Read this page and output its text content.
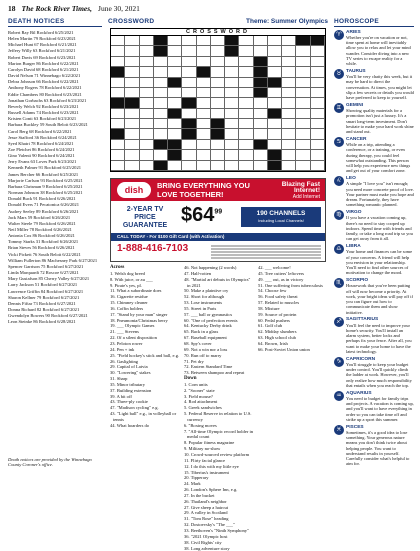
18 The Rock River Times, June 30, 2021
DEATH NOTICES
Robert Ray Bil Rockford 6/25/2021
Helen Martin 79 Rockford 6/23/2021
Michael Hunt 67 Rockford 6/21/2021
Jeffery Willy 63 Rockford 6/21/2021
Robert Davis 69 Rockford 6/23/2021
Marion Burger 86 Rockford 6/22/2021
Carolyn David 68 Rockford 6/21/2021
David Nelson 71 Winnebago 6/22/2021
Debra Johnson 66 Rockford 6/22/2021
Anthony Rogers 78 Rockford 6/22/2021
Eddie Chambers 80 Rockford 6/23/2021
Jonathan Gorbachs 63 Rockford 6/23/2021
Beverly Welch 92 Rockford 6/23/2021
Russell Adams 74 Rockford 6/23/2021
Kristen Conti 63 Rockford 6/23/2021
Barbara Buckley 59 South Beloit 6/23/2021
Carol Berg 68 Rockford 6/22/2021
Jesse Stafford 36 Rockford 6/24/2021
Syed Khatri 78 Rockford 6/24/2021
Zoe Pletchet 86 Rockford 6/24/2021
Gino Valenti 90 Rockford 6/24/2021
Jerry Evans 63 Loves Park 6/23/2021
Kenneth Palmer 91 Rockford 6/25/2021
James Bercher 66 Rockford 6/25/2021
Marjorie Carlson 93 Rockford 6/25/2021
Barbara Chrisman 9 Rockford 6/25/2021
Norman Johnson 38 Rockford 6/25/2021
Donald Buck 91 Rockford 6/26/2021
Donald Evers 71 Pecatonica 6/26/2021
Audrey Seeley 89 Rockford 6/26/2021
Jack Mars 59 Rockford 6/26/2021
Walter Steele 79 Rockford 6/26/2021
Neil Miller 78 Rockford 6/26/2021
Antonia Cox 86 Rockford 6/26/2021
Tommy Starks 31 Rockford 6/26/2021
Brian Steves 56 Rockford 6/26/2021
Vicki Pickett 76 South Beloit 6/22/2021
William Fullerton 86 Machesney Park 6/27/2021
Spencer Garrison 75 Rockford 6/27/2021
Linda Marquardt 72 Roscoe 6/27/2021
Mary Gustafson 85 Cherry Valley 6/27/2021
Larry Jackson 51 Rockford 6/27/2021
Lawrence Griffin 84 Rockford 6/27/2021
Sharon Kellner 79 Rockford 6/27/2021
Dennis Fiftar 73 Rockford 6/27/2021
Donna Richard 82 Rockford 6/27/2021
Gwendolyn Bowers 90 Rockford 6/27/2021
Leon Steinke 86 Rockford 6/28/2021
Death notices are provided by the Winnebago County Coroner's office.
CROSSWORD	Theme: Summer Olympics
CROSSWORD
dish	BRING EVERYTHING YOU LOVE TOGETHER!
Blazing Fast Internet!
Add Internet
2-YEAR TV PRICE GUARANTEE $\$64^{99}$	190 CHANNELS
Including Local Channels!
CALL TODAY - For $100 Gift Card (with Activation)
1-888-416-7103
Across
1. Welsh dog breed
8. With juice, or au ___
9. Pirate's yes, pl.
11. What a subordinate does
16. Cigarette residue
15. Chimney cleaner
16. Coffin holders
17. "Stand by your man" singer
18. Pneumonia/Christmas berry
19. ___ Olympic Games
21. ___ Stevens
22. Of a silent disposition
23. Peloton rower
24. Pen + ink
25. "Field hockey's stick and ball, e.g.
26. Gaslighting
29. Capital of Latvia
30. "Lowering" stakes
31. Sharp
35. Minor tributary
37. Building extension
39. A bit off
43. Three-ply cookie
47. "Madison cycling" e.g.
43. "Light ball" e.g., in volleyball or tennis
44. What hoarders do
46. Not happening (2 words)
47. Half-rotten
48. "Martial art debuts in Olympics" in 2021
50. Make a plaintive cry
52. Short for although
53. Lose instruments
55. Street in Paris
57. ___ ball or gymnastics
60. "One of perfection events
64. Kentucky Derby drink
65. Back in a glass
67. Baseball equipment
68. Spy's cover
69. Not a win nor a loss
70. Run off to marry
71. Pet dry
72. Eastern Standard Time
73. Between shampoo and repeat
Down
1. Corn units
2. "Sooner" state
3. Field mouse?
4. Rod attachment
5. Greek sandwiches
5. Federal Reserve in relation to U.S. currency
6. "Boxing moves
7. "All-time Olympic record holder in medal count
8. Popular fitness magazine
9. Military no-show
10. Crowd-sourced review platform
11. Flirty facial glance
12. I do this with my little eye
15. Tiberius's instrument
20. Tipperary
24. Mark
26. London's Sphere Inn, e.g.
27. In the bucket
26. Thailand's neighbor
27. Give sheep a haircut
29. A valley in Scotland
31. "Tom Rose" heading
32. Dostoevsky's "The ___"
33. Beethoven's "Ninth Symphony"
36. "2021 Olympic host
38. Civil Rights' city
38. Long adventure story
42. ___ welcome!
45. Tree cutters' leftovers
49. ___ out, as in victory
51. One suffering from tuberculosis
54. Choose few
56. Food safety threat
57. Related to muscles
58. Mixture
59. Source of protein
60. Pedal pushers
61. Golf club
62. Midday slumbers
63. High school club
64. Brown, Irish
66. Post-Soviet Union union
HOROSCOPE
♈ ARIES
Whether you're on vacation or not, time spent at home will inevitably allow you to relax and let your mind wander. Consider diving into a new TV series to escape reality for a while.
♉ TAURUS
You'll be very chatty this week, but it may be hard to direct the conversation. At times, you might let slip a few secrets or details you would have preferred to keep to yourself.
♊ GEMINI
Showing quality materials for a promotion isn't just a luxury. It's a smart long-term investment. Don't hesitate to make your hard work shine and stand out.
♋ CANCER
While on a trip, attending a conference, or a training, or even during therapy, you could feel somewhat outstanding. This person will help you experience new things and get out of your comfort zone.
♌ LEO
A simple "I love you" isn't enough; you need more concrete proof of love. Your partner must make you hope and dream. Fortunately, they have something romantic planned.
♍ VIRGO
If you have a vacation coming up, there's no need to stay cooped up indoors. Spend time with friends and family, or take a long road trip so you can get away from it all.
♎ LIBRA
Your home and finances can be some of your concerns. A friend will help you envision in your relationship. You'll need to find other sources of motivation to change the mood.
♏ SCORPIO
Housework that you've been putting off will now become a priority. At work, your bright ideas will pay off if you can figure out how to communicate them and show initiative.
♐ SAGITTARIUS
You'll feel the need to improve your home's security. You'll install an alarm system, better locks and perhaps fix your fence. After all, you want to make your home to have the latest technology.
♑ CAPRICORN
You'll struggle to keep your budget under control. You'll quickly climb the ladder at work. However, you'll only realize how much responsibility that entails when you reach the top.
♒ AQUARIUS
You need to budget for family trips and projects. A vacation is coming up, and you'll want to have everything in order so you can take time off and strike up a sport this summer.
♓ PISCES
Sometimes, it's a good idea to lose something. Your generous nature means you don't think twice about helping people. You want to understand results in yourself. Carefully consider what's helpful to aim for.
